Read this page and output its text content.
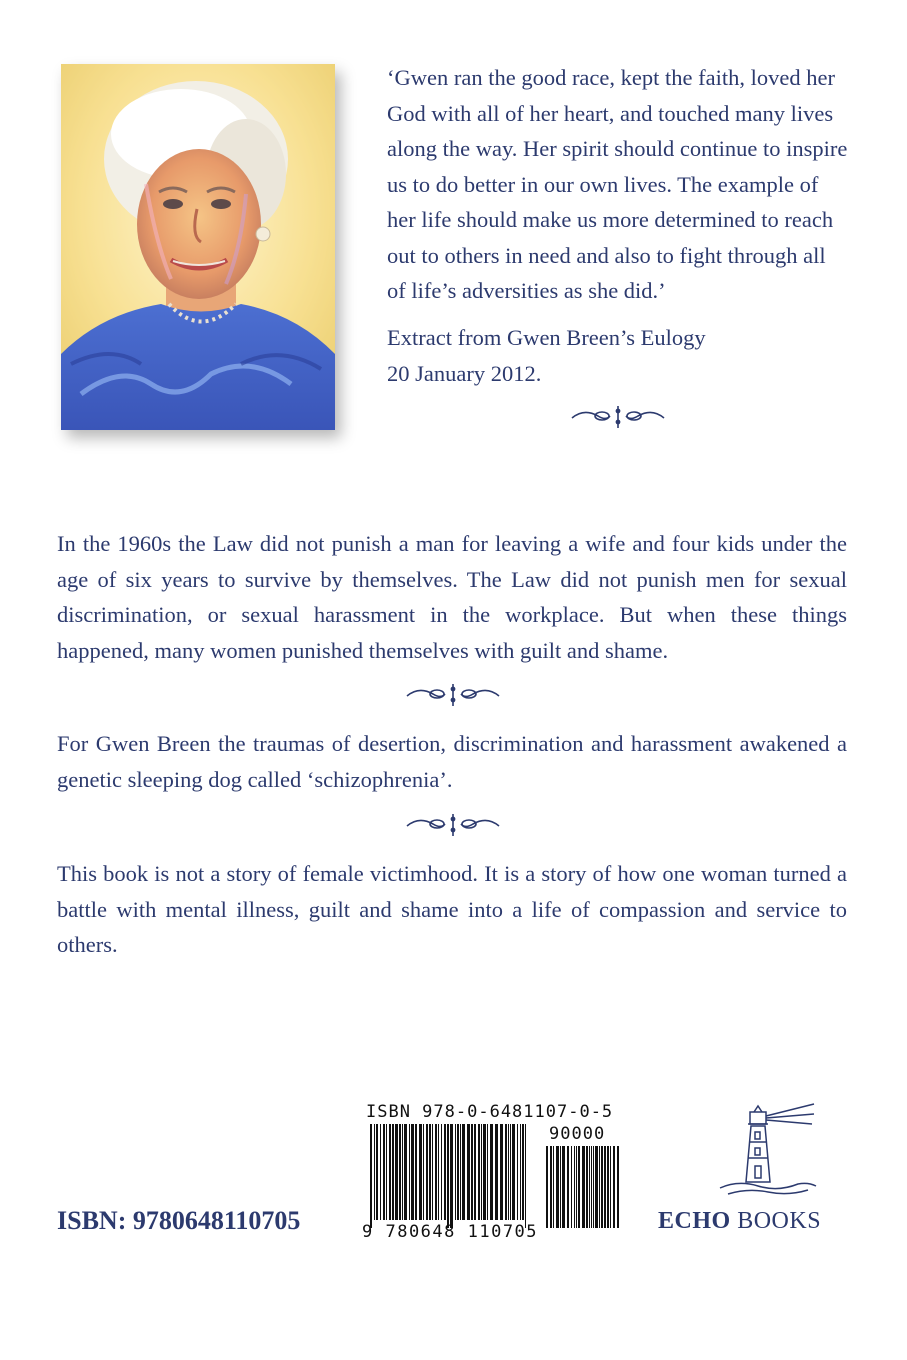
‘Gwen ran the good race, kept the faith, loved her God with all of her heart, and touched many lives along the way. Her spirit should continue to inspire us to do better in our own lives. The example of her life should make us more determined to reach out to others in need and also to fight through all of life’s adversities as she did.’

Extract from Gwen Breen’s Eulogy
20 January 2012.
In the 1960s the Law did not punish a man for leaving a wife and four kids under the age of six years to survive by themselves. The Law did not punish men for sexual discrimination, or sexual harassment in the workplace. But when these things happened, many women punished themselves with guilt and shame.
For Gwen Breen the traumas of desertion, discrimination and harassment awakened a genetic sleeping dog called ‘schizophrenia’.
This book is not a story of female victimhood. It is a story of how one woman turned a battle with mental illness, guilt and shame into a life of compassion and service to others.
ISBN: 9780648110705
ISBN 978-0-6481107-0-5
90000
9 780648 110705	ECHO BOOKS
